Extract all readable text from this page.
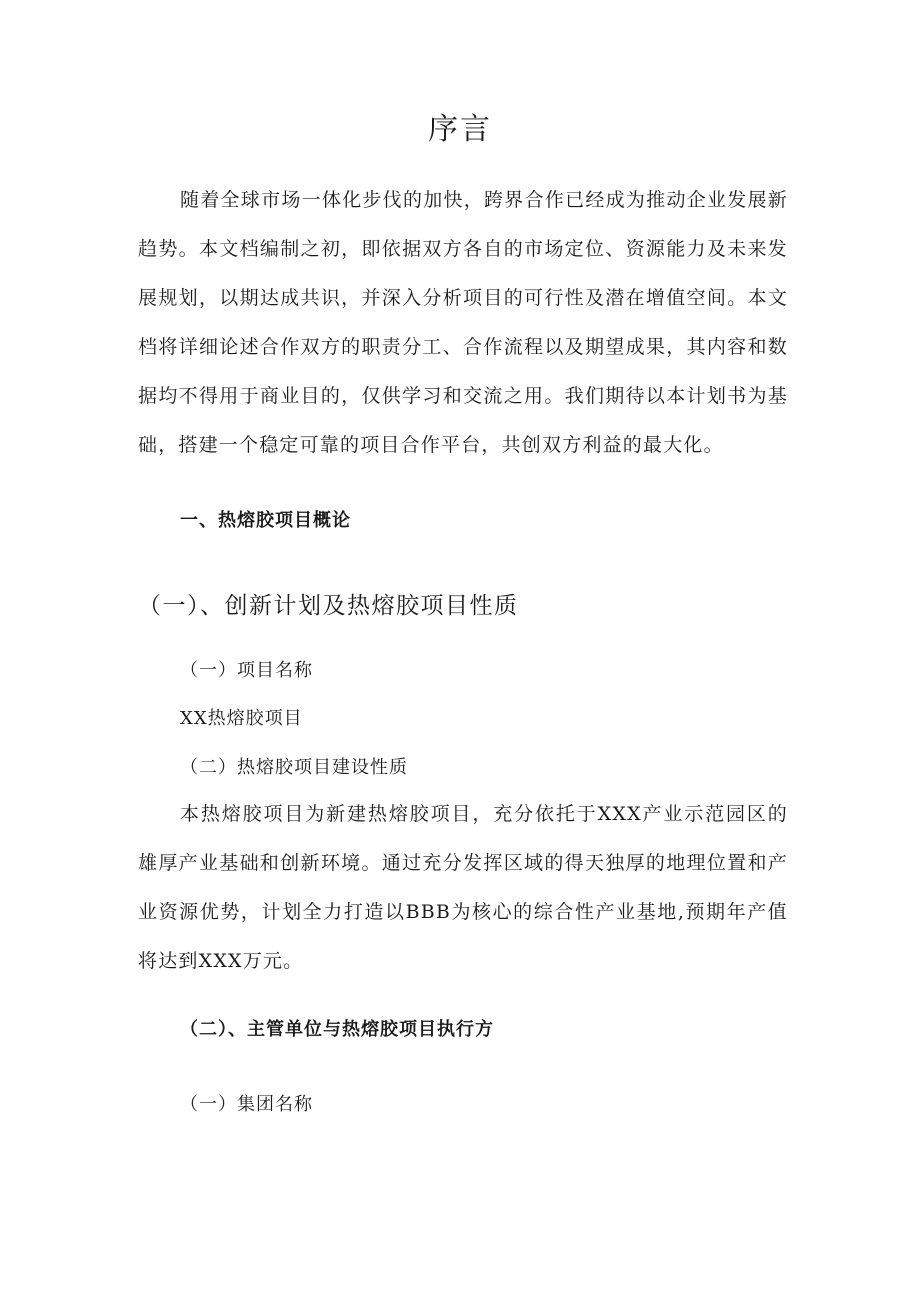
序言

随着全球市场一体化步伐的加快，跨界合作已经成为推动企业发展新趋势。本文档编制之初，即依据双方各自的市场定位、资源能力及未来发展规划，以期达成共识，并深入分析项目的可行性及潜在增值空间。本文档将详细论述合作双方的职责分工、合作流程以及期望成果，其内容和数据均不得用于商业目的，仅供学习和交流之用。我们期待以本计划书为基础，搭建一个稳定可靠的项目合作平台，共创双方利益的最大化。

一、热熔胶项目概论
（一）、创新计划及热熔胶项目性质
（一）项目名称
XX热熔胶项目
（二）热熔胶项目建设性质

本热熔胶项目为新建热熔胶项目，充分依托于XXX产业示范园区的雄厚产业基础和创新环境。通过充分发挥区域的得天独厚的地理位置和产业资源优势，计划全力打造以BBB为核心的综合性产业基地,预期年产值将达到XXX万元。

（二）、主管单位与热熔胶项目执行方
（一）集团名称
